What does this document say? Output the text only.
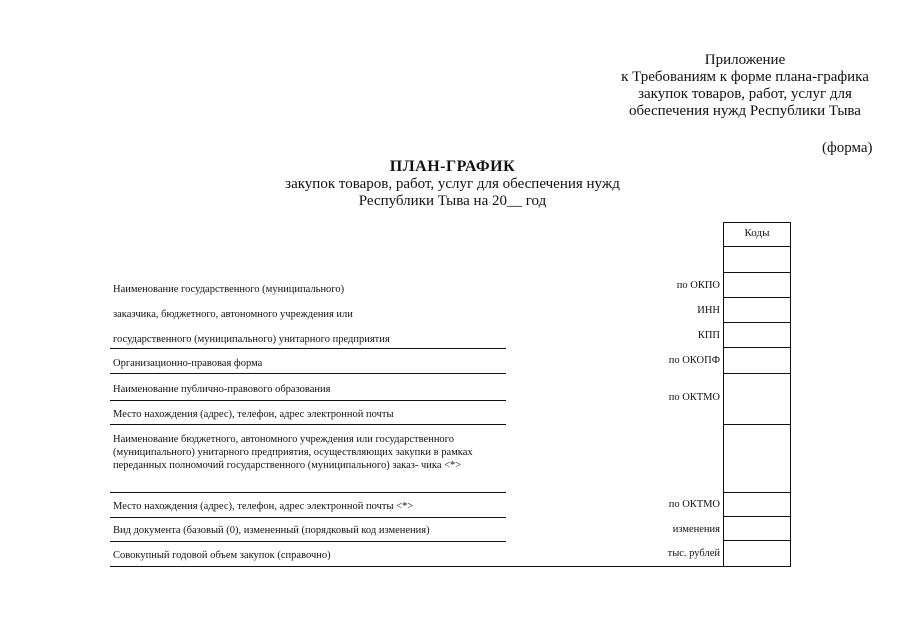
Приложение
к Требованиям к форме плана-графика
закупок товаров, работ, услуг для
обеспечения нужд Республики Тыва
(форма)
ПЛАН-ГРАФИК
закупок товаров, работ, услуг для обеспечения нужд
Республики Тыва на 20__ год
Коды
Наименование государственного (муниципального)
заказчика, бюджетного, автономного учреждения или
государственного (муниципального) унитарного предприятия
Организационно-правовая форма
Наименование публично-правового образования
Место нахождения (адрес), телефон, адрес электронной почты
Наименование бюджетного, автономного учреждения или государственного (муниципального) унитарного предприятия, осуществляющих закупки в рамках переданных полномочий государственного (муниципального) заказ- чика <*>
Место нахождения (адрес), телефон, адрес электронной почты <*>
Вид документа (базовый (0), измененный (порядковый код изменения)
Совокупный годовой объем закупок (справочно)
по ОКПО
ИНН
КПП
по ОКОПФ
по ОКТМО
по ОКТМО
изменения
тыс. рублей
